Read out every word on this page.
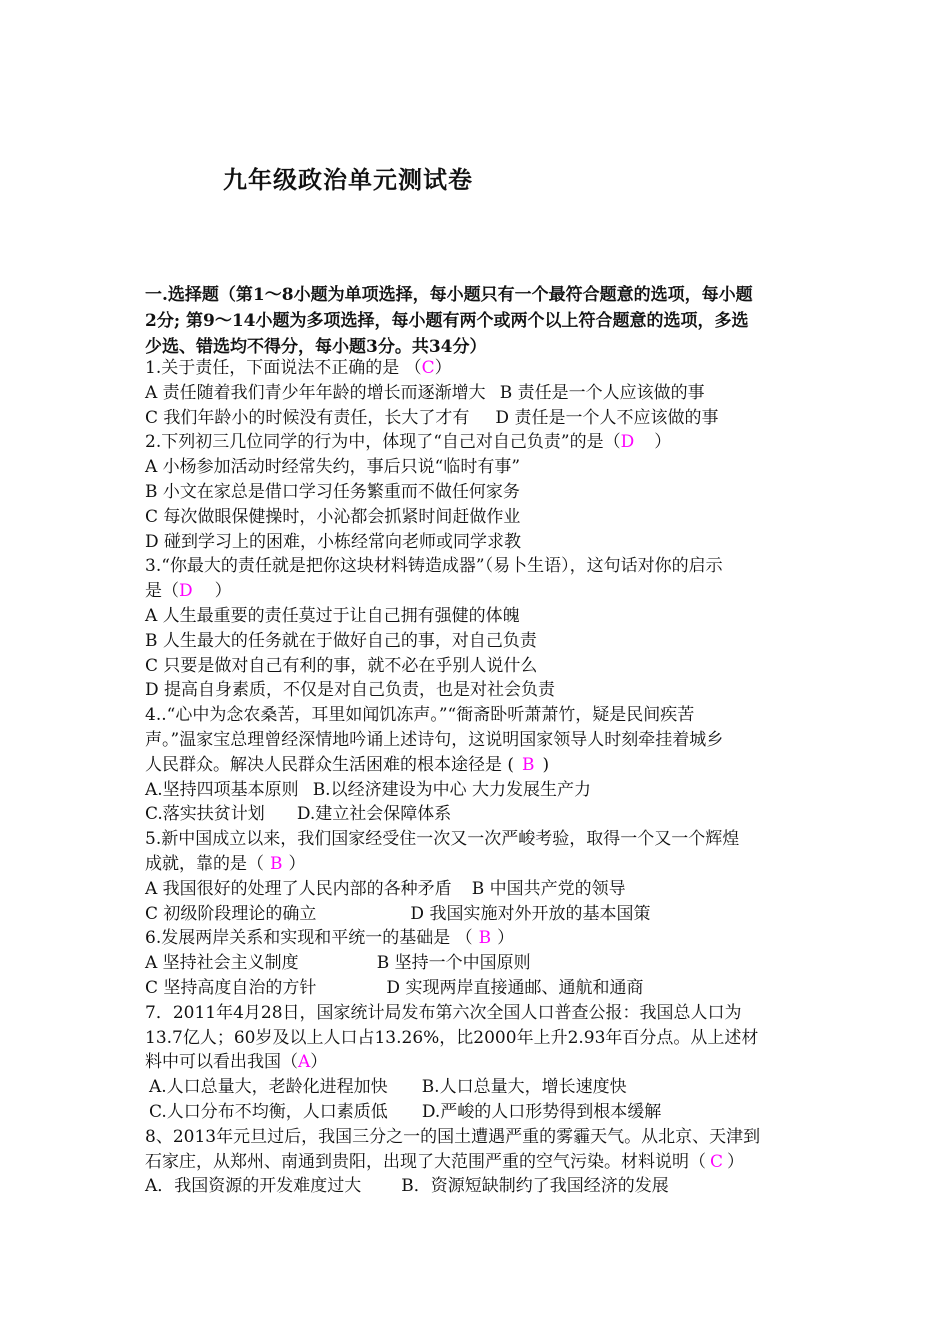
九年级政治单元测试卷
一.选择题（第1～8小题为单项选择，每小题只有一个最符合题意的选项，每小题
2分; 第9～14小题为多项选择，每小题有两个或两个以上符合题意的选项，多选
少选、错选均不得分，每小题3分。共34分）
1.关于责任，下面说法不正确的是 （C）
A 责任随着我们青少年年龄的增长而逐渐增大 B 责任是一个人应该做的事
C 我们年龄小的时候没有责任，长大了才有 D 责任是一个人不应该做的事
2.下列初三几位同学的行为中，体现了“自己对自己负责”的是（D ）
A 小杨参加活动时经常失约，事后只说“临时有事”
B 小文在家总是借口学习任务繁重而不做任何家务
C 每次做眼保健操时，小沁都会抓紧时间赶做作业
D 碰到学习上的困难，小栋经常向老师或同学求教
3.“你最大的责任就是把你这块材料铸造成器”（易卜生语），这句话对你的启示
是（D ）
A 人生最重要的责任莫过于让自己拥有强健的体魄
B 人生最大的任务就在于做好自己的事，对自己负责
C 只要是做对自己有利的事，就不必在乎别人说什么
D 提高自身素质，不仅是对自己负责，也是对社会负责
4..“心中为念农桑苦，耳里如闻饥冻声。”“衙斋卧听萧萧竹，疑是民间疾苦
声。”温家宝总理曾经深情地吟诵上述诗句，这说明国家领导人时刻牵挂着城乡
人民群众。解决人民群众生活困难的根本途径是 ( B )
A.坚持四项基本原则 B.以经济建设为中心 大力发展生产力
C.落实扶贫计划 D.建立社会保障体系
5.新中国成立以来，我们国家经受住一次又一次严峻考验，取得一个又一个辉煌
成就，靠的是（ B ）
A 我国很好的处理了人民内部的各种矛盾 B 中国共产党的领导
C 初级阶段理论的确立	D 我国实施对外开放的基本国策
6.发展两岸关系和实现和平统一的基础是 （ B ）
A 坚持社会主义制度	B 坚持一个中国原则
C 坚持高度自治的方针	D 实现两岸直接通邮、通航和通商
7．2011年4月28日，国家统计局发布第六次全国人口普查公报：我国总人口为
13.7亿人；60岁及以上人口占13.26%，比2000年上升2.93年百分点。从上述材
料中可以看出我国（A）
A.人口总量大，老龄化进程加快 B.人口总量大，增长速度快
C.人口分布不均衡，人口素质低 D.严峻的人口形势得到根本缓解
8、2013年元旦过后，我国三分之一的国土遭遇严重的雾霾天气。从北京、天津到
石家庄，从郑州、南通到贵阳，出现了大范围严重的空气污染。材料说明（ C ）
A．我国资源的开发难度过大 B．资源短缺制约了我国经济的发展
